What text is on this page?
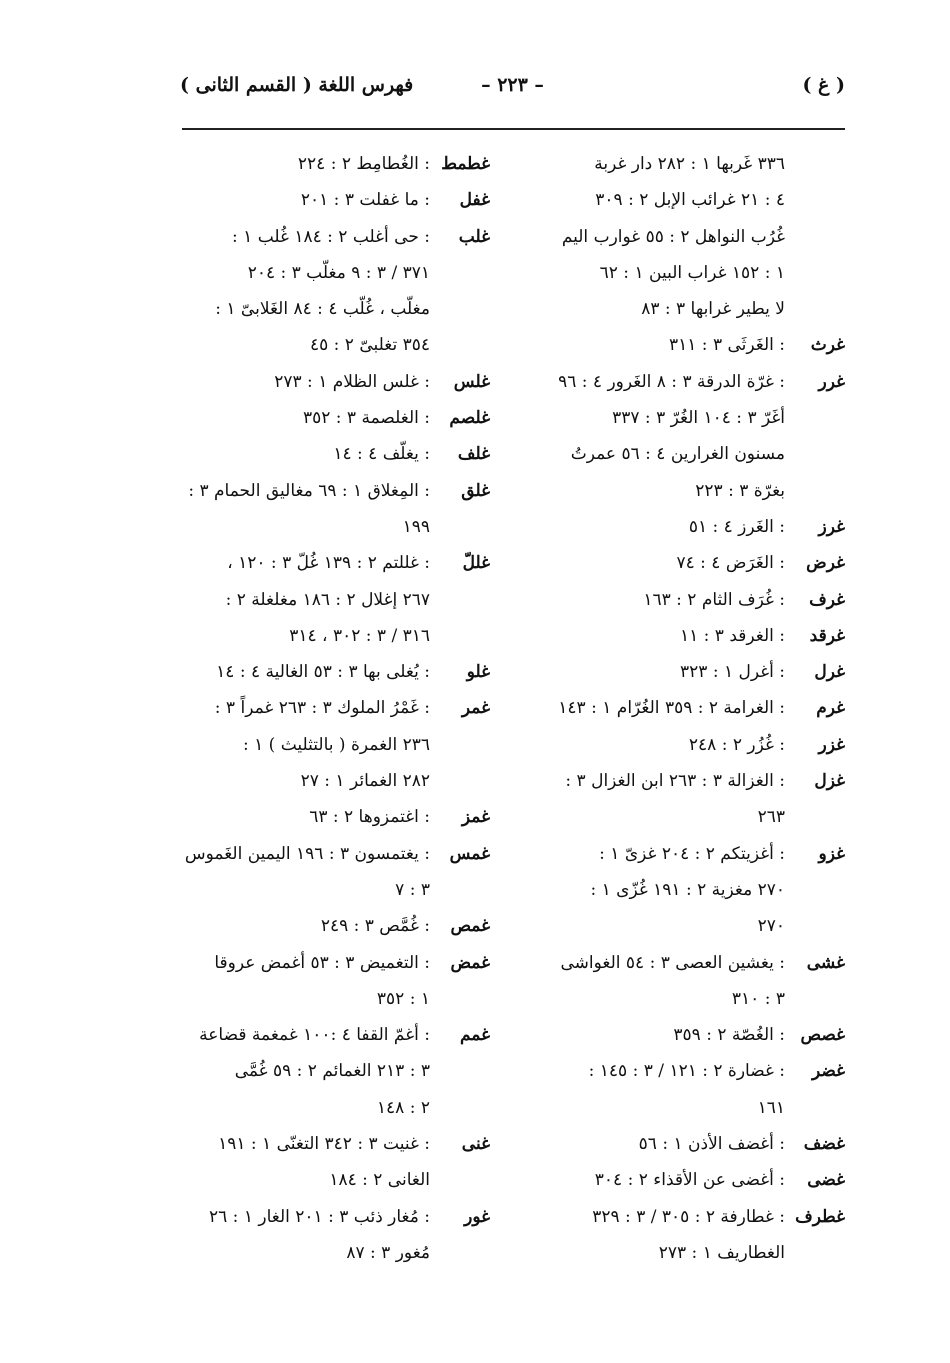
( غ )
– ٢٢٣ –
فهرس اللغة ( القسم الثانى )
٣٣٦ غَربها ١ : ٢٨٢ دار غربة
٤ : ٢١ غرائب الإبل ٢ : ٣٠٩
غُرُب النواهل ٢ : ٥٥ غوارب اليم
١ : ١٥٢ غراب البين ١ : ٦٢
لا يطير غرابها ٣ : ٨٣
غرث
: الغَرثَى ٣ : ٣١١
غرر
: غرّة الدرقة ٣ : ٨ الغَرور ٤ : ٩٦
أغَرّ ٣ : ١٠٤ الغُرّ ٣ : ٣٣٧
مسنون الغرارين ٤ : ٥٦ عمرتُ
بغرّة ٣ : ٢٢٣
غرز
: الغَرز ٤ : ٥١
غرض
: الغَرَض ٤ : ٧٤
غرف
: غُرَف الثام ٢ : ١٦٣
غرقد
: الغرقد ٣ : ١١
غرل
: أغرل ١ : ٣٢٣
غرم
: الغرامة ٢ : ٣٥٩ الغُرّام ١ : ١٤٣
غزر
: غُزُر ٢ : ٢٤٨
غزل
: الغزالة ٣ : ٢٦٣ ابن الغزال ٣ :
٢٦٣
غزو
: أغزيتكم ٢ : ٢٠٤ غزىّ ١ :
٢٧٠ مغزية ٢ : ١٩١ غُزّى ١ :
٢٧٠
غشى
: يغشين العصى ٣ : ٥٤ الغواشى
٣ : ٣١٠
غصص
: الغُصّة ٢ : ٣٥٩
غضر
: غضارة ٢ : ١٢١ / ٣ : ١٤٥ :
١٦١
غضف
: أغضف الأذن ١ : ٥٦
غضى
: أغضى عن الأقذاء ٢ : ٣٠٤
غطرف
: غطارفة ٢ : ٣٠٥ / ٣ : ٣٢٩
الغطاريف ١ : ٢٧٣
غطمط
: الغُطامِط ٢ : ٢٢٤
غفل
: ما غفلت ٣ : ٢٠١
غلب
: حى أغلب ٢ : ١٨٤ غُلب ١ :
٣٧١ / ٣ : ٩ مغلّب ٣ : ٢٠٤
مغلّب ، غُلّب ٤ : ٨٤ الغَلابىّ ١ :
٣٥٤ تغلبىّ ٢ : ٤٥
غلس
: غلس الظلام ١ : ٢٧٣
غلصم
: الغلصمة ٣ : ٣٥٢
غلف
: يغلّف ٤ : ١٤
غلق
: المِغلاق ١ : ٦٩ مغاليق الحمام ٣ :
١٩٩
غللّ
: غللتم ٢ : ١٣٩ غُلّ ٣ : ١٢٠ ،
٢٦٧ إغلال ٢ : ١٨٦ مغلغلة ٢ :
٣١٦ / ٣ : ٣٠٢ ، ٣١٤
غلو
: يُغلى بها ٣ : ٥٣ الغالية ٤ : ١٤
غمر
: غَمْرُ الملوك ٣ : ٢٦٣ غمراً ٣ :
٢٣٦ الغمرة ( بالتثليث ) ١ :
٢٨٢ الغمائر ١ : ٢٧
غمز
: اغتمزوها ٢ : ٦٣
غمس
: يغتمسون ٣ : ١٩٦ اليمين الغَموس
٣ : ٧
غمص
: غُمَّص ٣ : ٢٤٩
غمض
: التغميض ٣ : ٥٣ أغمض عروقا
١ : ٣٥٢
غمم
: أغمّ القفا ٤ :١٠٠ غمغمة قضاعة
٣ : ٢١٣ الغمائم ٢ : ٥٩ غُمَّى
٢ : ١٤٨
غنى
: غنيت ٣ : ٣٤٢ التغنّى ١ : ١٩١
الغانى ٢ : ١٨٤
غور
: مُغار ذئب ٣ : ٢٠١ الغار ١ : ٢٦
مُغور ٣ : ٨٧
